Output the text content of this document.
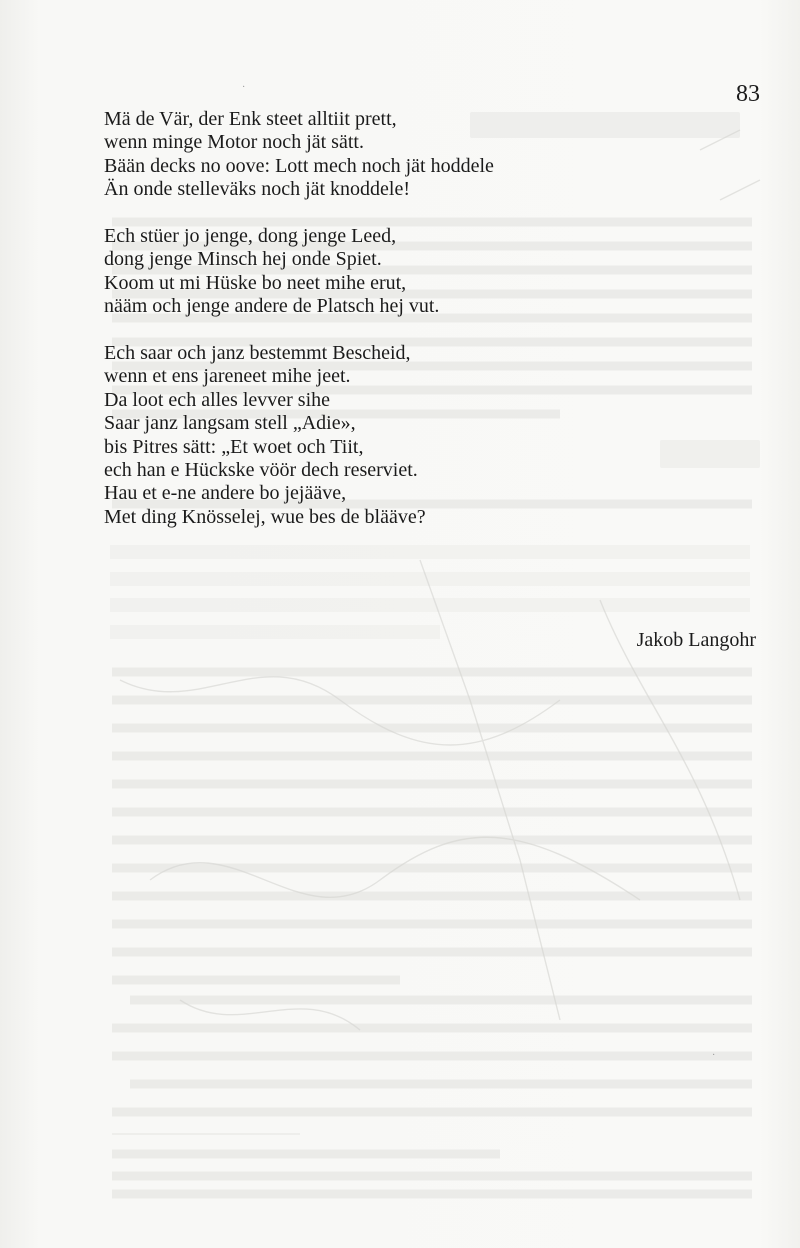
83
Mä de Vär, der Enk steet alltiit prett,
wenn minge Motor noch jät sätt.
Bään decks no oove: Lott mech noch jät hoddele
Än onde stelleväks noch jät knoddele!
Ech stüer jo jenge, dong jenge Leed,
dong jenge Minsch hej onde Spiet.
Koom ut mi Hüske bo neet mihe erut,
nääm och jenge andere de Platsch hej vut.
Ech saar och janz bestemmt Bescheid,
wenn et ens jareneet mihe jeet.
Da loot ech alles levver sihe
Saar janz langsam stell „Adie»,
bis Pitres sätt: „Et woet och Tiit,
ech han e Hückske vöör dech reserviet.
Hau et e-ne andere bo jejääve,
Met ding Knösselej, wue bes de blääve?
Jakob Langohr
·
·
